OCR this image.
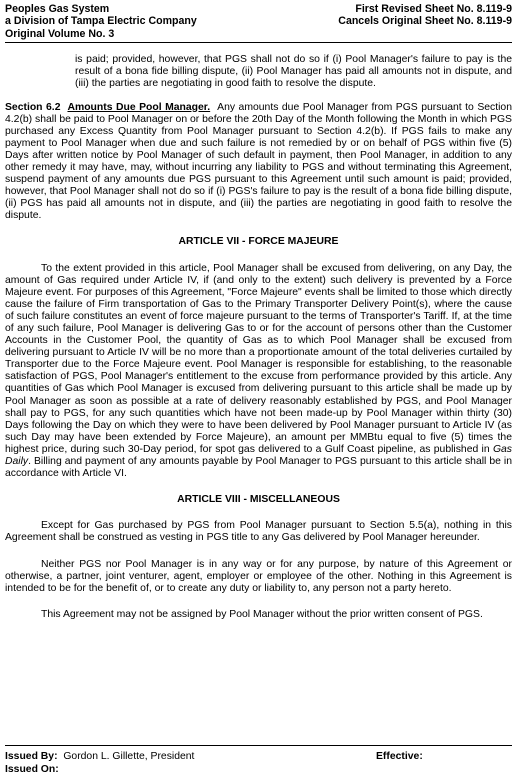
Peoples Gas System
a Division of Tampa Electric Company
Original Volume No. 3
First Revised Sheet No. 8.119-9
Cancels Original Sheet No. 8.119-9

is paid; provided, however, that PGS shall not do so if (i) Pool Manager's failure to pay is the result of a bona fide billing dispute, (ii) Pool Manager has paid all amounts not in dispute, and (iii) the parties are negotiating in good faith to resolve the dispute.

Section 6.2 Amounts Due Pool Manager. Any amounts due Pool Manager from PGS pursuant to Section 4.2(b) shall be paid to Pool Manager on or before the 20th Day of the Month following the Month in which PGS purchased any Excess Quantity from Pool Manager pursuant to Section 4.2(b). If PGS fails to make any payment to Pool Manager when due and such failure is not remedied by or on behalf of PGS within five (5) Days after written notice by Pool Manager of such default in payment, then Pool Manager, in addition to any other remedy it may have, may, without incurring any liability to PGS and without terminating this Agreement, suspend payment of any amounts due PGS pursuant to this Agreement until such amount is paid; provided, however, that Pool Manager shall not do so if (i) PGS's failure to pay is the result of a bona fide billing dispute, (ii) PGS has paid all amounts not in dispute, and (iii) the parties are negotiating in good faith to resolve the dispute.

ARTICLE VII - FORCE MAJEURE

To the extent provided in this article, Pool Manager shall be excused from delivering, on any Day, the amount of Gas required under Article IV, if (and only to the extent) such delivery is prevented by a Force Majeure event. For purposes of this Agreement, "Force Majeure" events shall be limited to those which directly cause the failure of Firm transportation of Gas to the Primary Transporter Delivery Point(s), where the cause of such failure constitutes an event of force majeure pursuant to the terms of Transporter's Tariff. If, at the time of any such failure, Pool Manager is delivering Gas to or for the account of persons other than the Customer Accounts in the Customer Pool, the quantity of Gas as to which Pool Manager shall be excused from delivering pursuant to Article IV will be no more than a proportionate amount of the total deliveries curtailed by Transporter due to the Force Majeure event. Pool Manager is responsible for establishing, to the reasonable satisfaction of PGS, Pool Manager's entitlement to the excuse from performance provided by this article. Any quantities of Gas which Pool Manager is excused from delivering pursuant to this article shall be made up by Pool Manager as soon as possible at a rate of delivery reasonably established by PGS, and Pool Manager shall pay to PGS, for any such quantities which have not been made-up by Pool Manager within thirty (30) Days following the Day on which they were to have been delivered by Pool Manager pursuant to Article IV (as such Day may have been extended by Force Majeure), an amount per MMBtu equal to five (5) times the highest price, during such 30-Day period, for spot gas delivered to a Gulf Coast pipeline, as published in Gas Daily. Billing and payment of any amounts payable by Pool Manager to PGS pursuant to this article shall be in accordance with Article VI.

ARTICLE VIII - MISCELLANEOUS

Except for Gas purchased by PGS from Pool Manager pursuant to Section 5.5(a), nothing in this Agreement shall be construed as vesting in PGS title to any Gas delivered by Pool Manager hereunder.

Neither PGS nor Pool Manager is in any way or for any purpose, by nature of this Agreement or otherwise, a partner, joint venturer, agent, employer or employee of the other. Nothing in this Agreement is intended to be for the benefit of, or to create any duty or liability to, any person not a party hereto.

This Agreement may not be assigned by Pool Manager without the prior written consent of PGS.

Issued By: Gordon L. Gillette, President	Effective:
Issued On:
